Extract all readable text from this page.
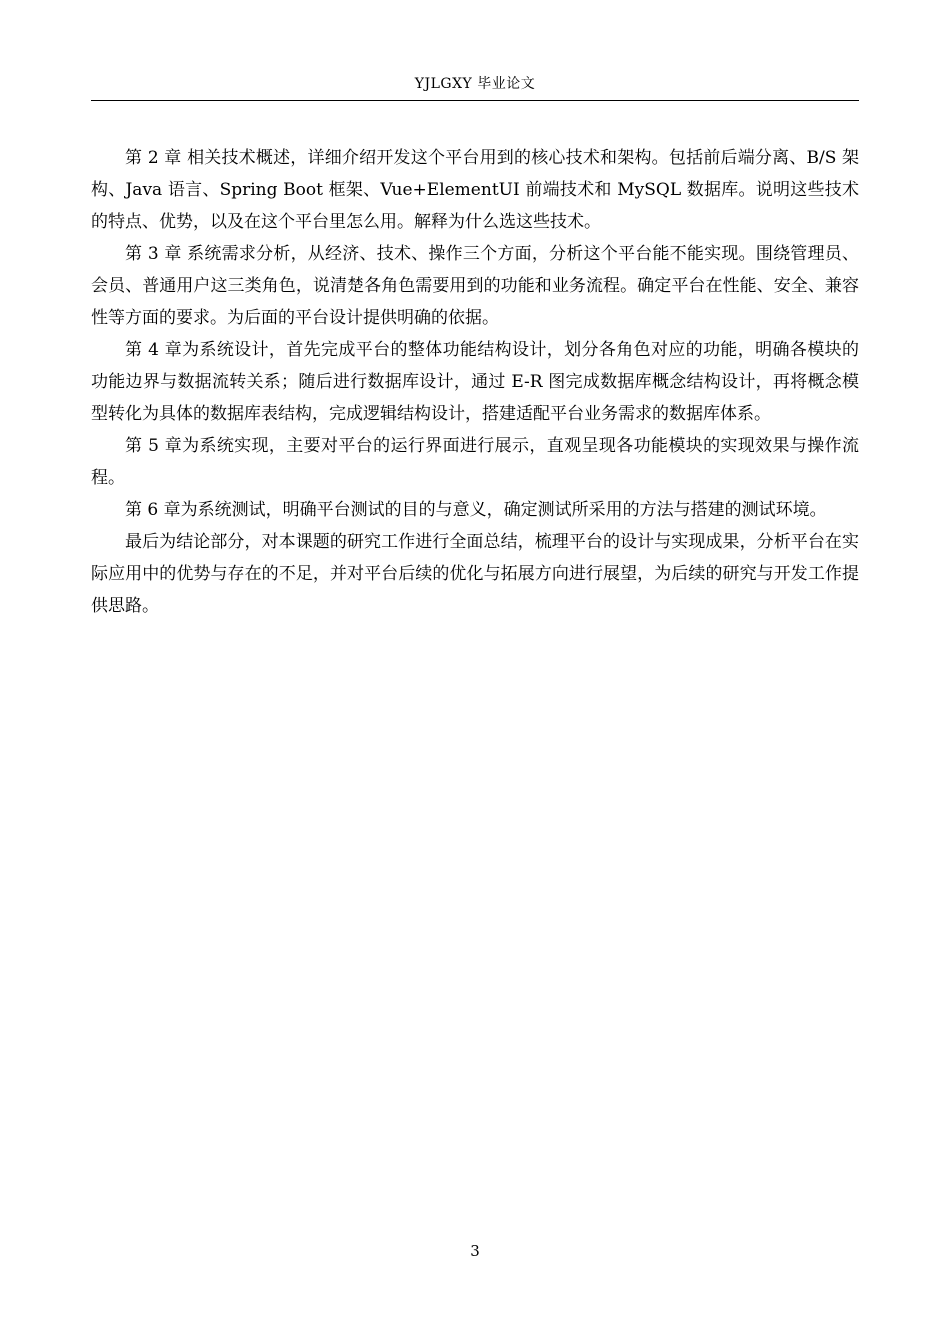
YJLGXY 毕业论文

第 2 章 相关技术概述，详细介绍开发这个平台用到的核心技术和架构。包括前后端分离、B/S 架构、Java 语言、Spring Boot 框架、Vue+ElementUI 前端技术和 MySQL 数据库。说明这些技术的特点、优势，以及在这个平台里怎么用。解释为什么选这些技术。

第 3 章 系统需求分析，从经济、技术、操作三个方面，分析这个平台能不能实现。围绕管理员、会员、普通用户这三类角色，说清楚各角色需要用到的功能和业务流程。确定平台在性能、安全、兼容性等方面的要求。为后面的平台设计提供明确的依据。

第 4 章为系统设计，首先完成平台的整体功能结构设计，划分各角色对应的功能，明确各模块的功能边界与数据流转关系；随后进行数据库设计，通过 E-R 图完成数据库概念结构设计，再将概念模型转化为具体的数据库表结构，完成逻辑结构设计，搭建适配平台业务需求的数据库体系。

第 5 章为系统实现，主要对平台的运行界面进行展示，直观呈现各功能模块的实现效果与操作流程。

第 6 章为系统测试，明确平台测试的目的与意义，确定测试所采用的方法与搭建的测试环境。

最后为结论部分，对本课题的研究工作进行全面总结，梳理平台的设计与实现成果，分析平台在实际应用中的优势与存在的不足，并对平台后续的优化与拓展方向进行展望，为后续的研究与开发工作提供思路。

3
